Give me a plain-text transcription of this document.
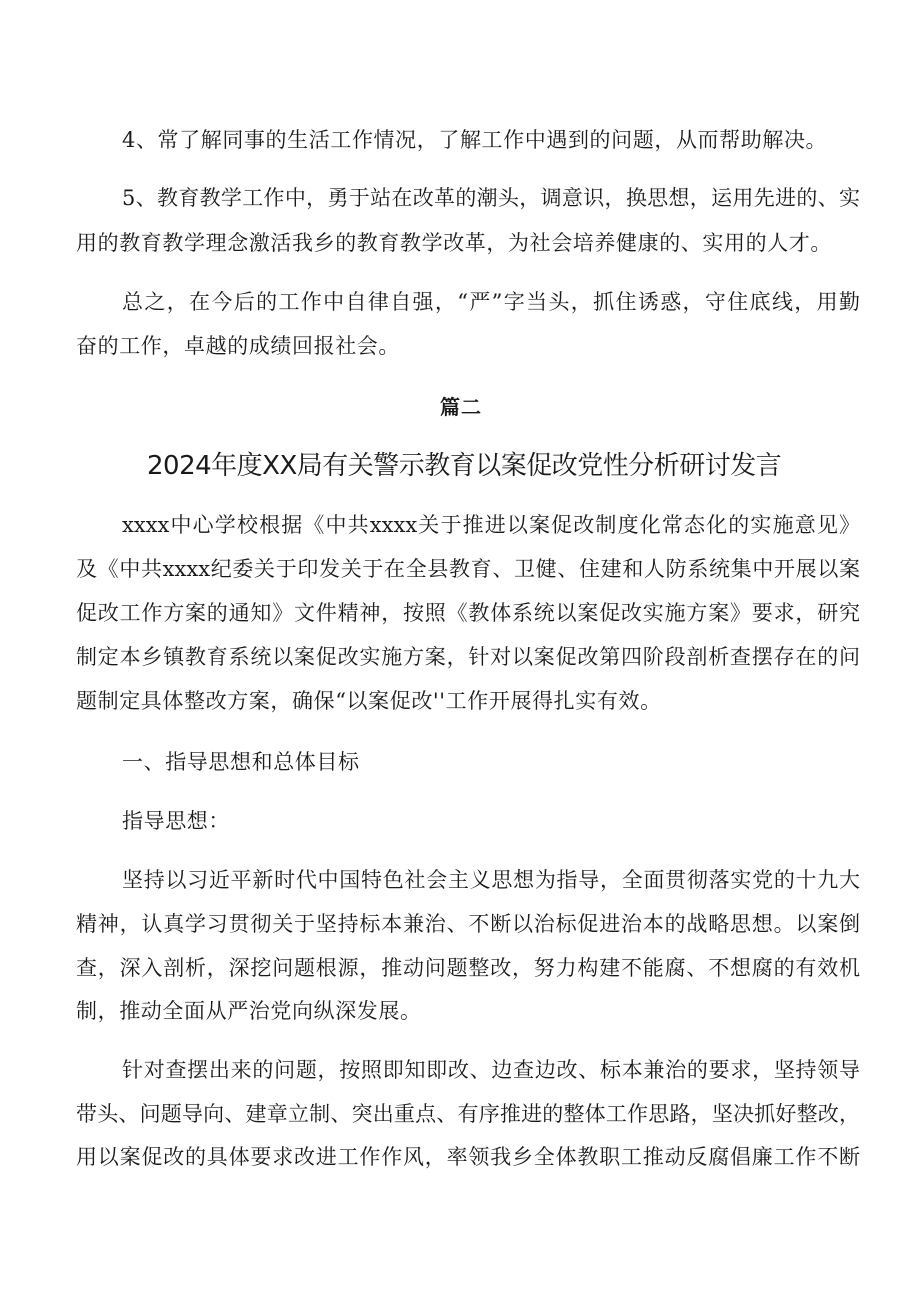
4、常了解同事的生活工作情况，了解工作中遇到的问题，从而帮助解决。
5、教育教学工作中，勇于站在改革的潮头，调意识，换思想，运用先进的、实
用的教育教学理念激活我乡的教育教学改革，为社会培养健康的、实用的人才。
总之，在今后的工作中自律自强，“严”字当头，抓住诱惑，守住底线，用勤
奋的工作，卓越的成绩回报社会。
篇二
2024年度XX局有关警示教育以案促改党性分析研讨发言
xxxx中心学校根据《中共xxxx关于推进以案促改制度化常态化的实施意见》
及《中共xxxx纪委关于印发关于在全县教育、卫健、住建和人防系统集中开展以案
促改工作方案的通知》文件精神，按照《教体系统以案促改实施方案》要求，研究
制定本乡镇教育系统以案促改实施方案，针对以案促改第四阶段剖析查摆存在的问
题制定具体整改方案，确保“以案促改''工作开展得扎实有效。
一、指导思想和总体目标
指导思想：
坚持以习近平新时代中国特色社会主义思想为指导，全面贯彻落实党的十九大
精神，认真学习贯彻关于坚持标本兼治、不断以治标促进治本的战略思想。以案倒
查，深入剖析，深挖问题根源，推动问题整改，努力构建不能腐、不想腐的有效机
制，推动全面从严治党向纵深发展。
针对查摆出来的问题，按照即知即改、边查边改、标本兼治的要求，坚持领导
带头、问题导向、建章立制、突出重点、有序推进的整体工作思路，坚决抓好整改，
用以案促改的具体要求改进工作作风，率领我乡全体教职工推动反腐倡廉工作不断
